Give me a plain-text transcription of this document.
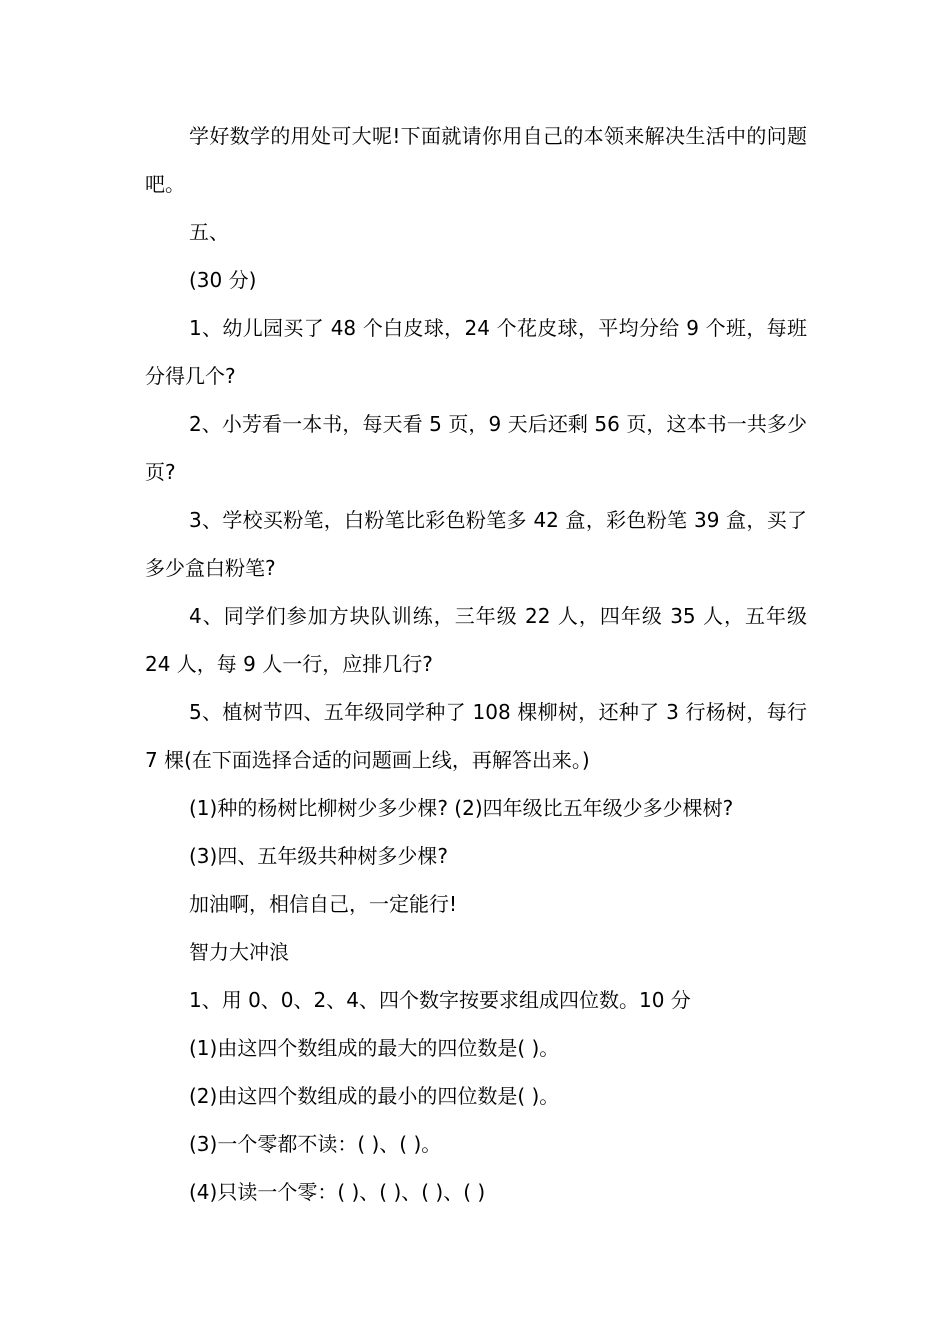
学好数学的用处可大呢!下面就请你用自己的本领来解决生活中的问题吧。

五、

(30 分)

1、幼儿园买了 48 个白皮球，24 个花皮球，平均分给 9 个班，每班分得几个?

2、小芳看一本书，每天看 5 页，9 天后还剩 56 页，这本书一共多少页?

3、学校买粉笔，白粉笔比彩色粉笔多 42 盒，彩色粉笔 39 盒，买了多少盒白粉笔?

4、同学们参加方块队训练，三年级 22 人，四年级 35 人，五年级 24 人，每 9 人一行，应排几行?

5、植树节四、五年级同学种了 108 棵柳树，还种了 3 行杨树，每行 7 棵(在下面选择合适的问题画上线，再解答出来。)

(1)种的杨树比柳树少多少棵? (2)四年级比五年级少多少棵树?

(3)四、五年级共种树多少棵?

加油啊，相信自己，一定能行!

智力大冲浪

1、用 0、0、2、4、四个数字按要求组成四位数。10 分

(1)由这四个数组成的最大的四位数是( )。

(2)由这四个数组成的最小的四位数是( )。

(3)一个零都不读：( )、( )。

(4)只读一个零：( )、( )、( )、( )
